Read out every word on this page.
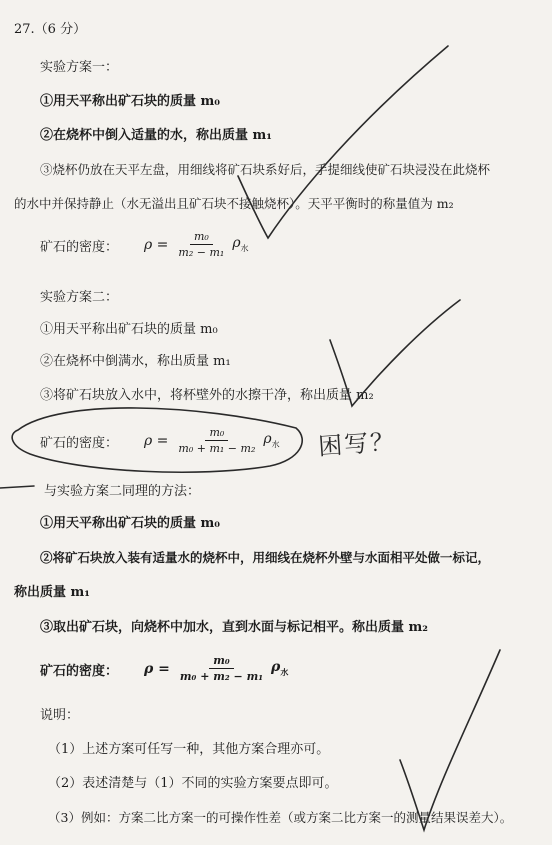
27.（6 分）
实验方案一：
①用天平称出矿石块的质量 m₀
②在烧杯中倒入适量的水，称出质量 m₁
③烧杯仍放在天平左盘，用细线将矿石块系好后，手提细线使矿石块浸没在此烧杯
的水中并保持静止（水无溢出且矿石块不接触烧杯）。天平平衡时的称量值为 m₂
矿石的密度： $\rho = \frac{\text{m₀}}{\text{m₂ − m₁}} \rho_水$
实验方案二：
①用天平称出矿石块的质量 m₀
②在烧杯中倒满水，称出质量 m₁
③将矿石块放入水中，将杯壁外的水擦干净，称出质量 m₂
矿石的密度： $\rho = \frac{\text{m₀}}{\text{m₀ + m₁ − m₂}} \rho_水$
与实验方案二同理的方法：
①用天平称出矿石块的质量 m₀
②将矿石块放入装有适量水的烧杯中，用细线在烧杯外壁与水面相平处做一标记，
称出质量 m₁
③取出矿石块，向烧杯中加水，直到水面与标记相平。称出质量 m₂
矿石的密度： $\rho = \frac{\text{m₀}}{\text{m₀ + m₂ − m₁}} \rho_水$
说明：
（1）上述方案可任写一种，其他方案合理亦可。
（2）表述清楚与（1）不同的实验方案要点即可。
（3）例如：方案二比方案一的可操作性差（或方案二比方案一的测量结果误差大）。
困写？
